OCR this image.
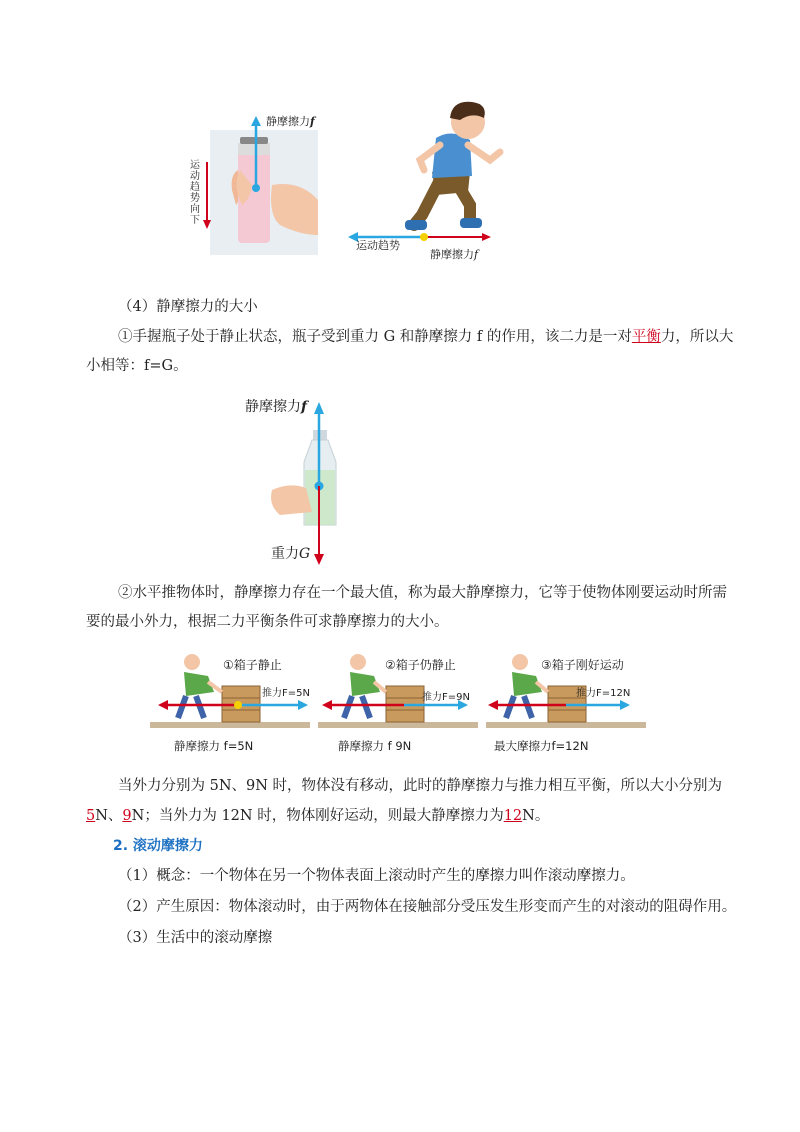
静摩擦力f
运动趋势向下
运动趋势
静摩擦力f
（4）静摩擦力的大小
①手握瓶子处于静止状态，瓶子受到重力 G 和静摩擦力 f 的作用，该二力是一对平衡力，所以大
小相等：f=G。
静摩擦力f
重力G
②水平推物体时，静摩擦力存在一个最大值，称为最大静摩擦力，它等于使物体刚要运动时所需
要的最小外力，根据二力平衡条件可求静摩擦力的大小。
①箱子静止
推力F=5N
静摩擦力 f=5N
②箱子仍静止
推力F=9N
静摩擦力 f 9N
③箱子刚好运动
推力F=12N
最大摩擦力f=12N
当外力分别为 5N、9N 时，物体没有移动，此时的静摩擦力与推力相互平衡，所以大小分别为
5N、9N；当外力为 12N 时，物体刚好运动，则最大静摩擦力为12N。
2. 滚动摩擦力
（1）概念：一个物体在另一个物体表面上滚动时产生的摩擦力叫作滚动摩擦力。
（2）产生原因：物体滚动时，由于两物体在接触部分受压发生形变而产生的对滚动的阻碍作用。
（3）生活中的滚动摩擦
